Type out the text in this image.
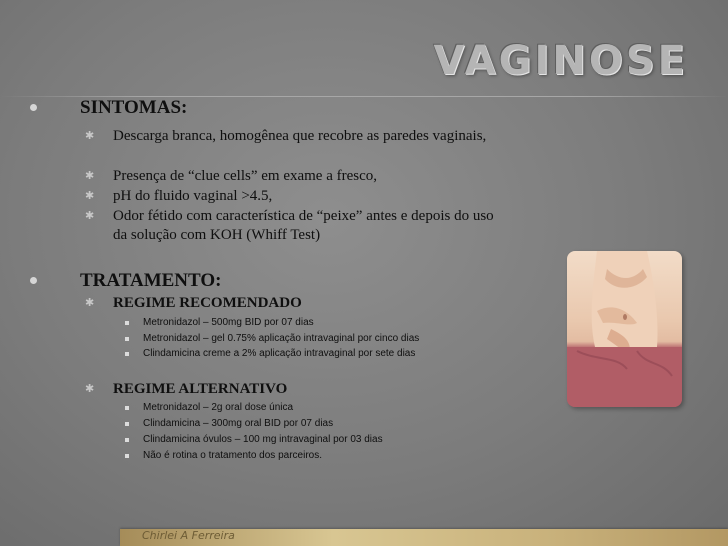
VAGINOSE
SINTOMAS:
✱ Descarga branca, homogênea que recobre as paredes vaginais,
✱ Presença de “clue cells” em exame a fresco,
✱ pH do fluido vaginal >4.5,
✱ Odor fétido com característica de “peixe” antes e depois do uso da solução com KOH (Whiff Test)
TRATAMENTO:
✱ REGIME RECOMENDADO
Metronidazol – 500mg BID por 07 dias
Metronidazol – gel 0.75% aplicação intravaginal por cinco dias
Clindamicina creme a 2% aplicação intravaginal por sete dias
✱ REGIME ALTERNATIVO
Metronidazol – 2g oral dose única
Clindamicina – 300mg oral BID por 07 dias
Clindamicina óvulos – 100 mg intravaginal por 03 dias
Não é rotina o tratamento dos parceiros.
Chirlei A Ferreira
